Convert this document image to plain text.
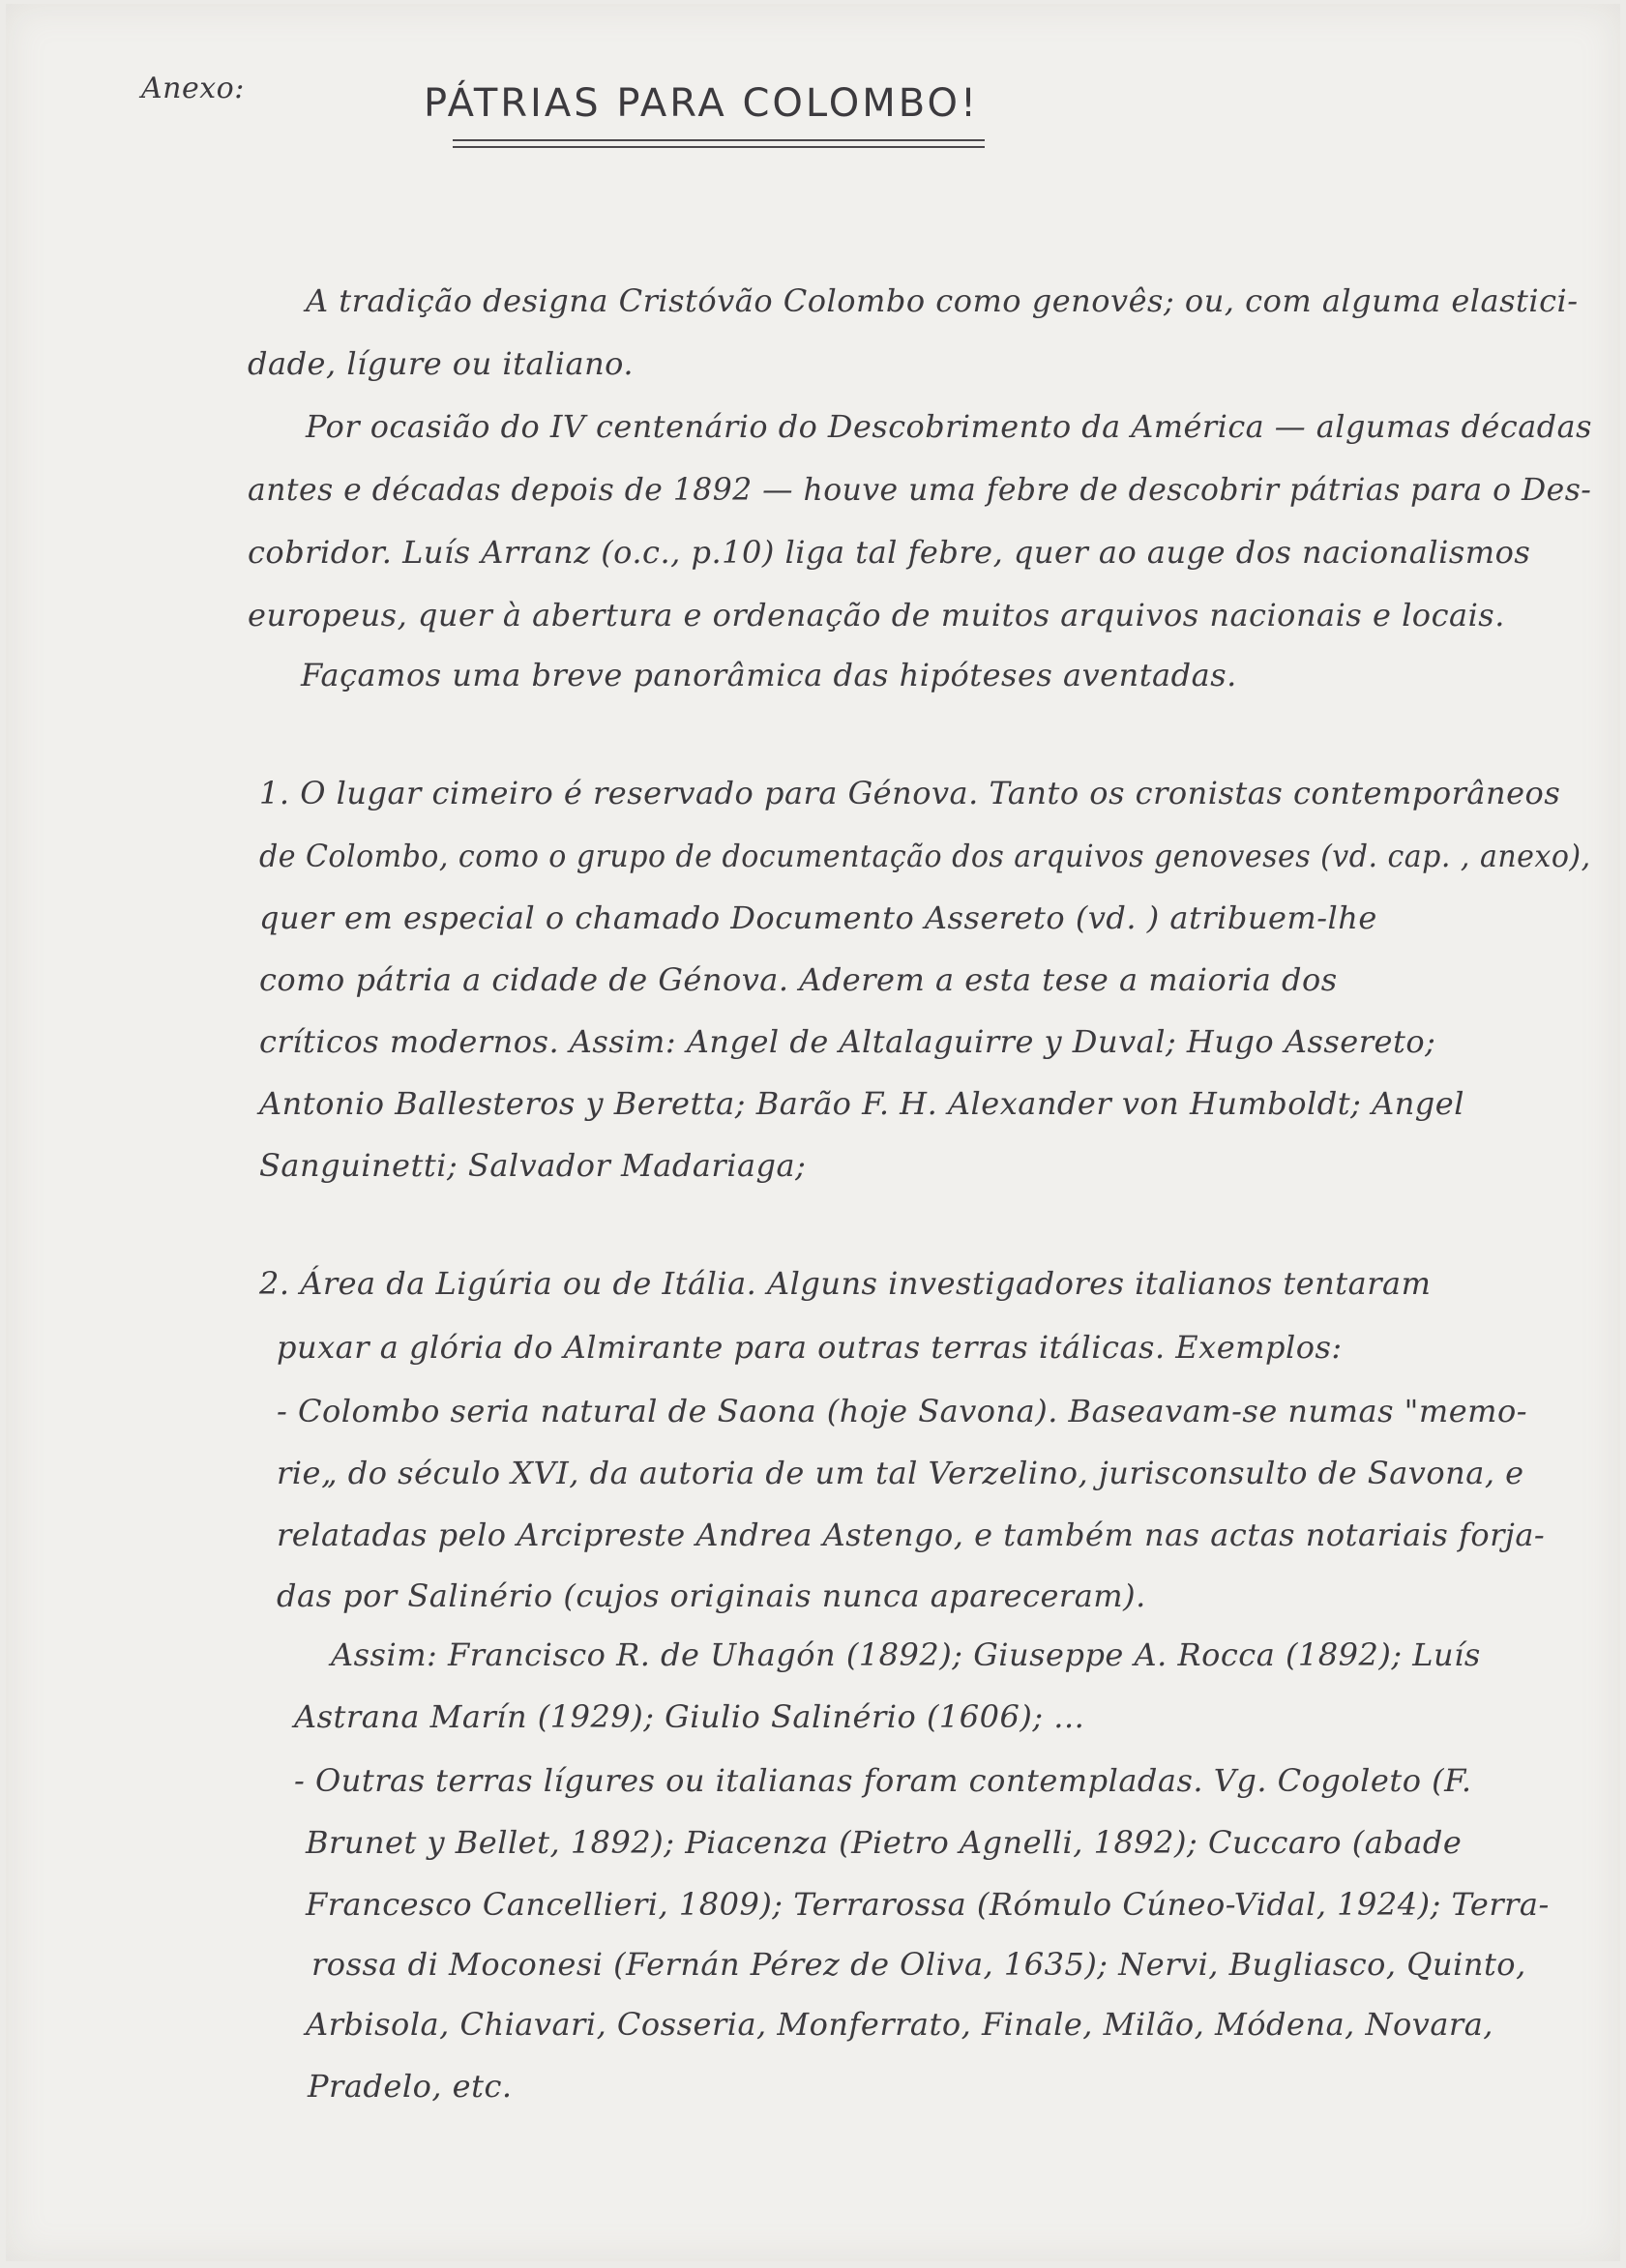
Anexo:	PÁTRIAS PARA COLOMBO!
A tradição designa Cristóvão Colombo como genovês; ou, com alguma elastici-
dade, lígure ou italiano.
Por ocasião do IV centenário do Descobrimento da América — algumas décadas
antes e décadas depois de 1892 — houve uma febre de descobrir pátrias para o Des-
cobridor. Luís Arranz (o.c., p.10) liga tal febre, quer ao auge dos nacionalismos
europeus, quer à abertura e ordenação de muitos arquivos nacionais e locais.
Façamos uma breve panorâmica das hipóteses aventadas.
1. O lugar cimeiro é reservado para Génova. Tanto os cronistas contemporâneos
de Colombo, como o grupo de documentação dos arquivos genoveses (vd. cap. , anexo),
quer em especial o chamado Documento Assereto (vd. ) atribuem-lhe
como pátria a cidade de Génova. Aderem a esta tese a maioria dos
críticos modernos. Assim: Angel de Altalaguirre y Duval; Hugo Assereto;
Antonio Ballesteros y Beretta; Barão F. H. Alexander von Humboldt; Angel
Sanguinetti; Salvador Madariaga;
2. Área da Ligúria ou de Itália. Alguns investigadores italianos tentaram
puxar a glória do Almirante para outras terras itálicas. Exemplos:
- Colombo seria natural de Saona (hoje Savona). Baseavam-se numas "memo-
rie„ do século XVI, da autoria de um tal Verzelino, jurisconsulto de Savona, e
relatadas pelo Arcipreste Andrea Astengo, e também nas actas notariais forja-
das por Salinério (cujos originais nunca apareceram).
Assim: Francisco R. de Uhagón (1892); Giuseppe A. Rocca (1892); Luís
Astrana Marín (1929); Giulio Salinério (1606); ...
- Outras terras lígures ou italianas foram contempladas. Vg. Cogoleto (F.
Brunet y Bellet, 1892); Piacenza (Pietro Agnelli, 1892); Cuccaro (abade
Francesco Cancellieri, 1809); Terrarossa (Rómulo Cúneo-Vidal, 1924); Terra-
rossa di Moconesi (Fernán Pérez de Oliva, 1635); Nervi, Bugliasco, Quinto,
Arbisola, Chiavari, Cosseria, Monferrato, Finale, Milão, Módena, Novara,
Pradelo, etc.
